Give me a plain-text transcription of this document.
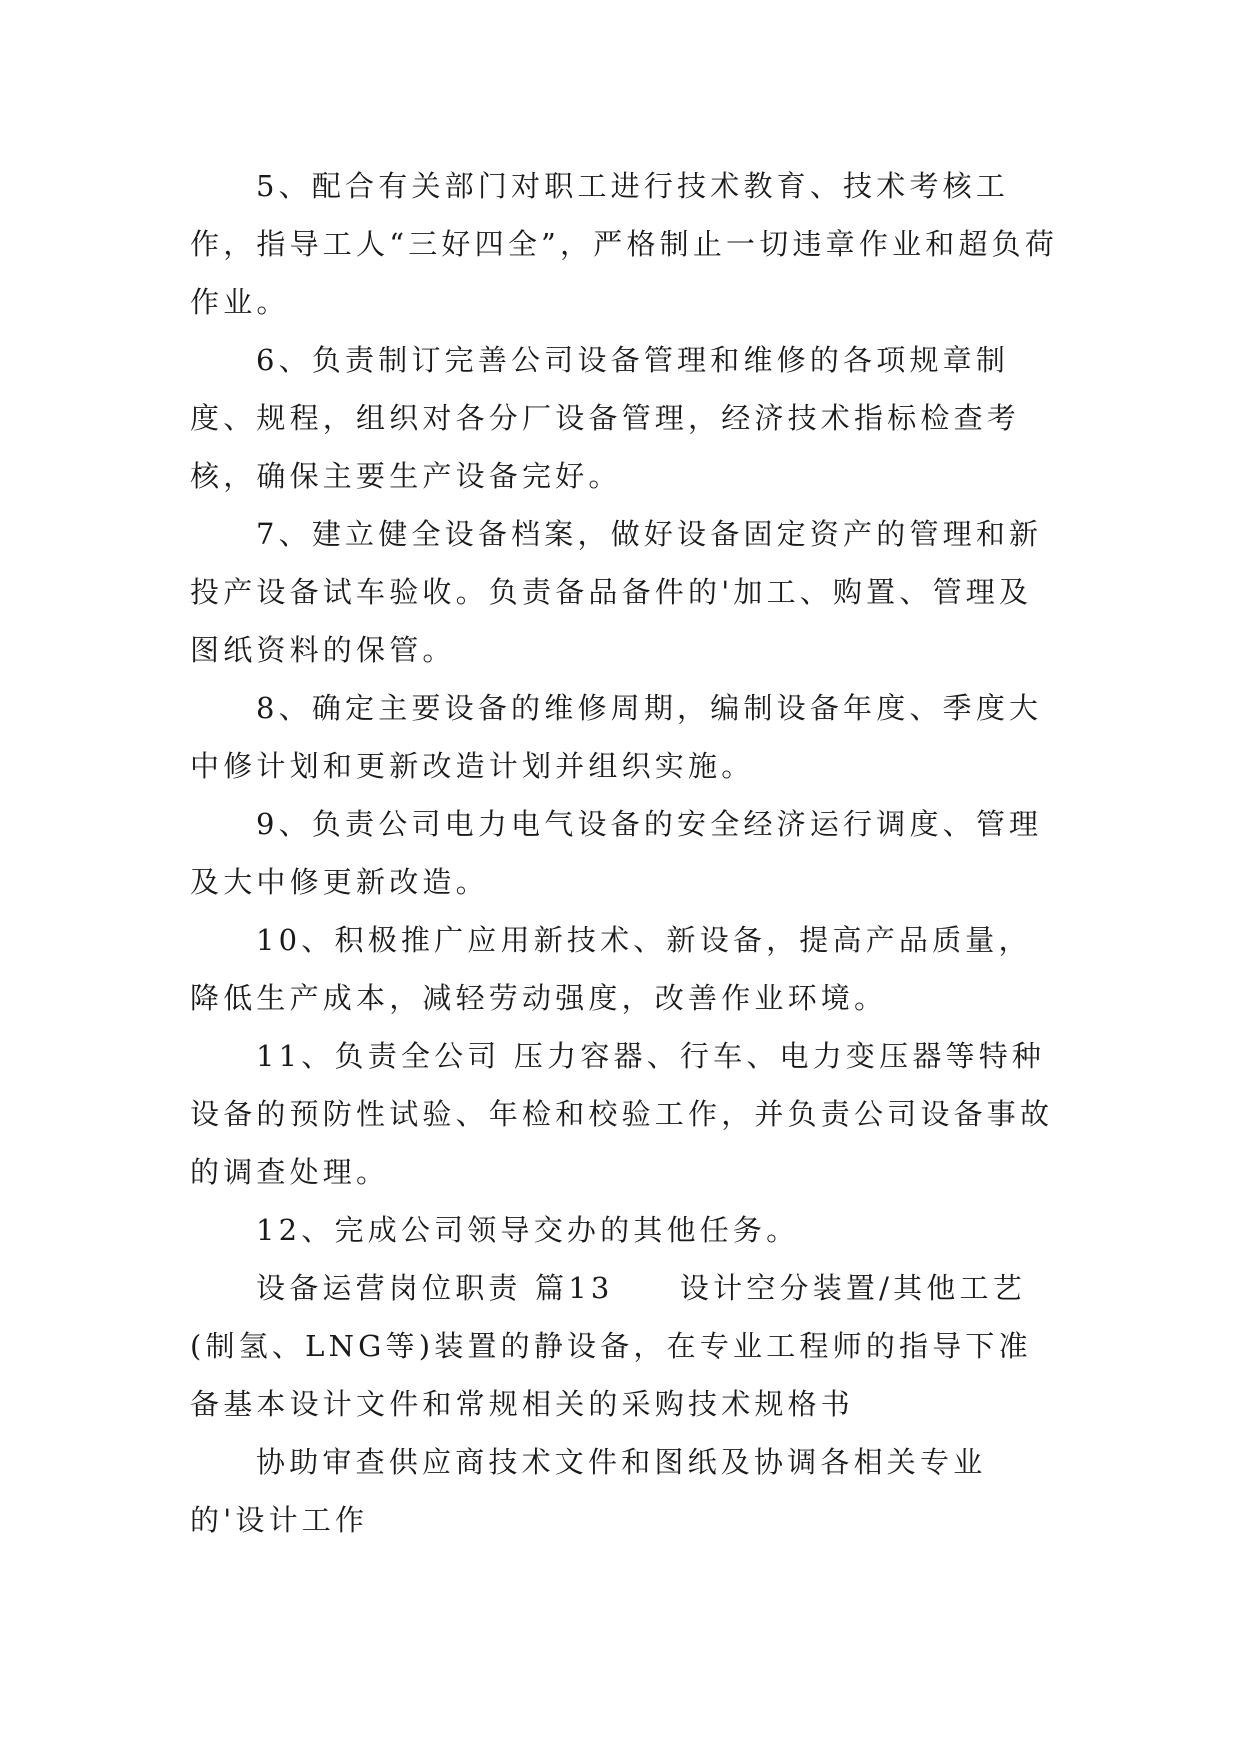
5、配合有关部门对职工进行技术教育、技术考核工作，指导工人“三好四全”，严格制止一切违章作业和超负荷作业。

6、负责制订完善公司设备管理和维修的各项规章制度、规程，组织对各分厂设备管理，经济技术指标检查考核，确保主要生产设备完好。

7、建立健全设备档案，做好设备固定资产的管理和新投产设备试车验收。负责备品备件的'加工、购置、管理及图纸资料的保管。

8、确定主要设备的维修周期，编制设备年度、季度大中修计划和更新改造计划并组织实施。

9、负责公司电力电气设备的安全经济运行调度、管理及大中修更新改造。

10、积极推广应用新技术、新设备，提高产品质量，降低生产成本，减轻劳动强度，改善作业环境。

11、负责全公司 压力容器、行车、电力变压器等特种设备的预防性试验、年检和校验工作，并负责公司设备事故的调查处理。

12、完成公司领导交办的其他任务。

设备运营岗位职责 篇13　　设计空分装置/其他工艺(制氢、LNG等)装置的静设备，在专业工程师的指导下准备基本设计文件和常规相关的采购技术规格书

协助审查供应商技术文件和图纸及协调各相关专业的'设计工作
